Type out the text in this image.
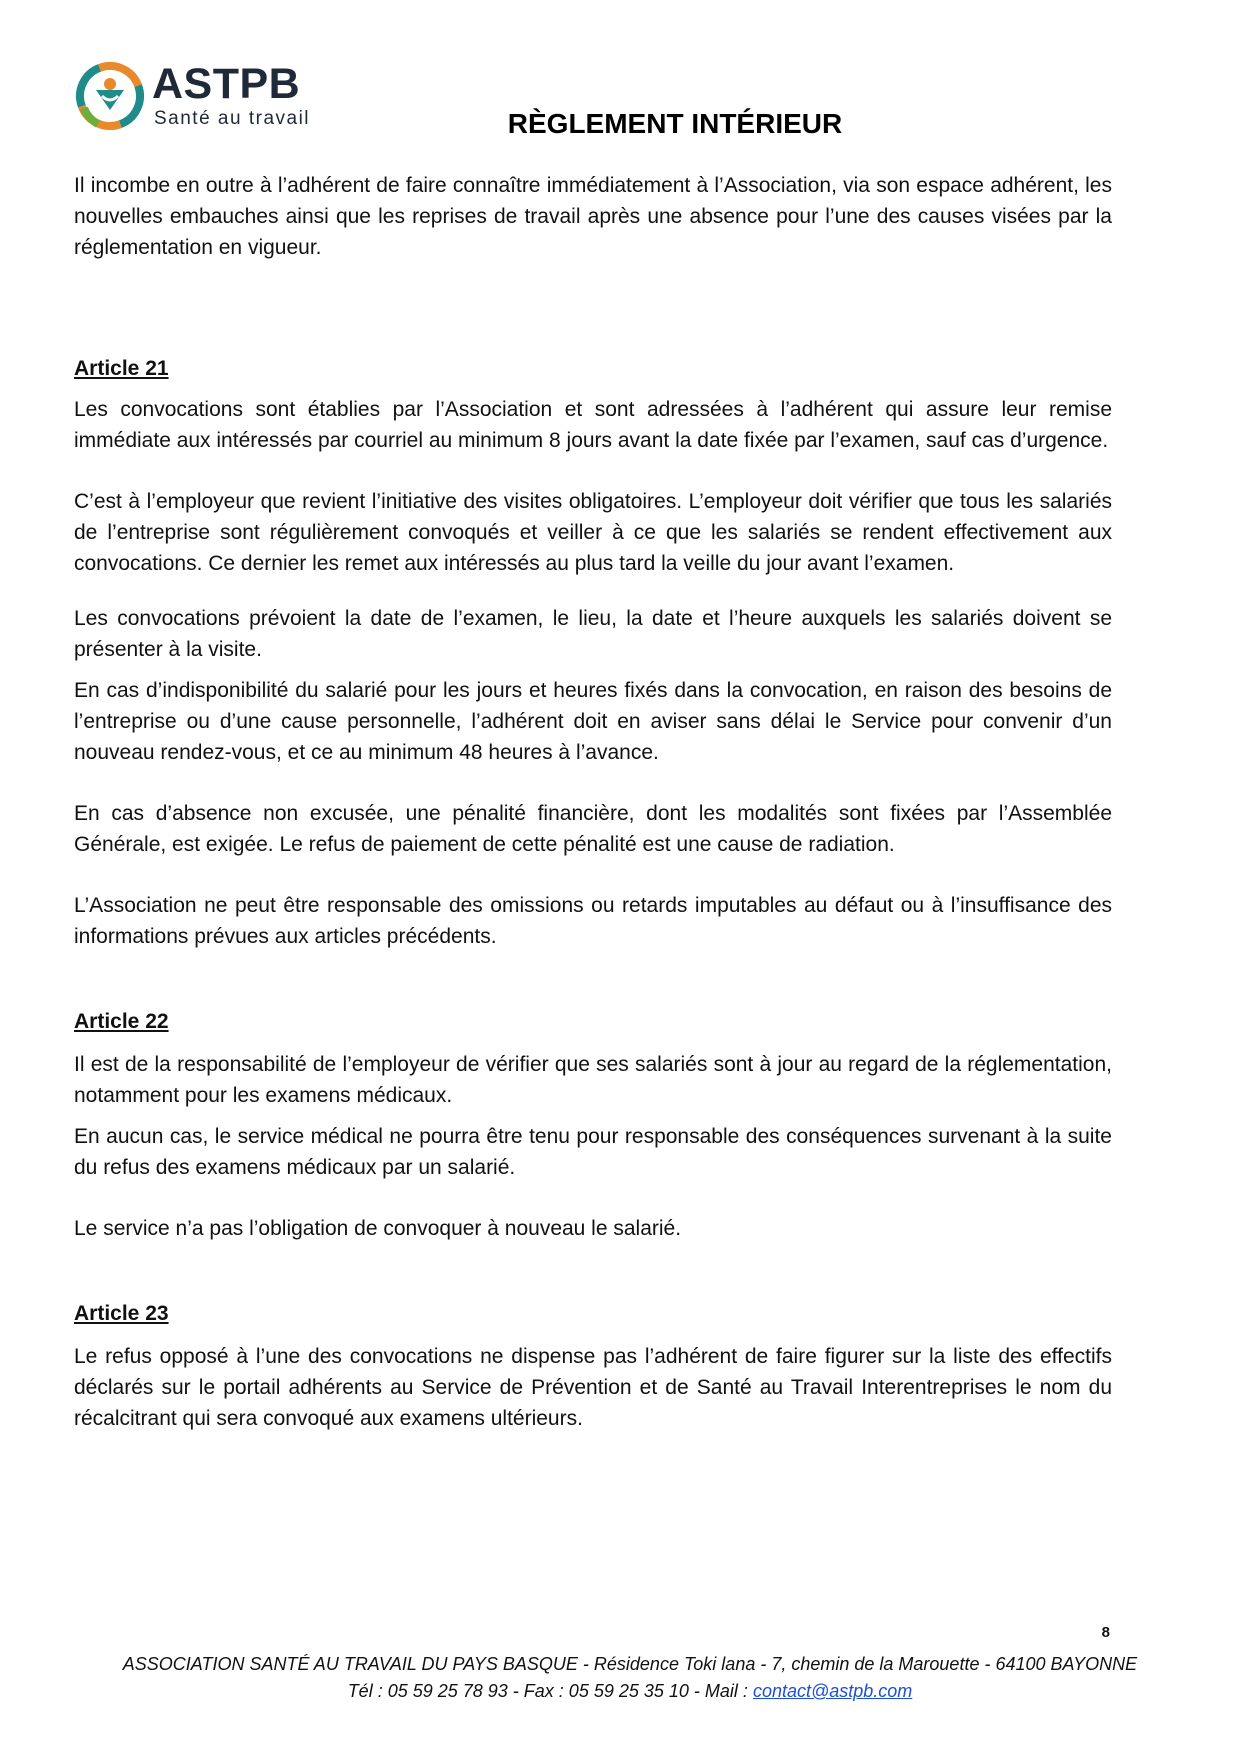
ASTPB
Santé au travail	RÈGLEMENT INTÉRIEUR

Il incombe en outre à l’adhérent de faire connaître immédiatement à l’Association, via son espace adhérent, les nouvelles embauches ainsi que les reprises de travail après une absence pour l’une des causes visées par la réglementation en vigueur.

Article 21

Les convocations sont établies par l’Association et sont adressées à l’adhérent qui assure leur remise immédiate aux intéressés par courriel au minimum 8 jours avant la date fixée par l’examen, sauf cas d’urgence.

C’est à l’employeur que revient l’initiative des visites obligatoires. L’employeur doit vérifier que tous les salariés de l’entreprise sont régulièrement convoqués et veiller à ce que les salariés se rendent effectivement aux convocations. Ce dernier les remet aux intéressés au plus tard la veille du jour avant l’examen.

Les convocations prévoient la date de l’examen, le lieu, la date et l’heure auxquels les salariés doivent se présenter à la visite.

En cas d’indisponibilité du salarié pour les jours et heures fixés dans la convocation, en raison des besoins de l’entreprise ou d’une cause personnelle, l’adhérent doit en aviser sans délai le Service pour convenir d’un nouveau rendez-vous, et ce au minimum 48 heures à l’avance.

En cas d’absence non excusée, une pénalité financière, dont les modalités sont fixées par l’Assemblée Générale, est exigée. Le refus de paiement de cette pénalité est une cause de radiation.

L’Association ne peut être responsable des omissions ou retards imputables au défaut ou à l’insuffisance des informations prévues aux articles précédents.

Article 22

Il est de la responsabilité de l’employeur de vérifier que ses salariés sont à jour au regard de la réglementation, notamment pour les examens médicaux.

En aucun cas, le service médical ne pourra être tenu pour responsable des conséquences survenant à la suite du refus des examens médicaux par un salarié.

Le service n’a pas l’obligation de convoquer à nouveau le salarié.

Article 23

Le refus opposé à l’une des convocations ne dispense pas l’adhérent de faire figurer sur la liste des effectifs déclarés sur le portail adhérents au Service de Prévention et de Santé au Travail Interentreprises le nom du récalcitrant qui sera convoqué aux examens ultérieurs.

8
ASSOCIATION SANTÉ AU TRAVAIL DU PAYS BASQUE - Résidence Toki lana - 7, chemin de la Marouette - 64100 BAYONNE
Tél : 05 59 25 78 93 - Fax : 05 59 25 35 10 - Mail : contact@astpb.com
